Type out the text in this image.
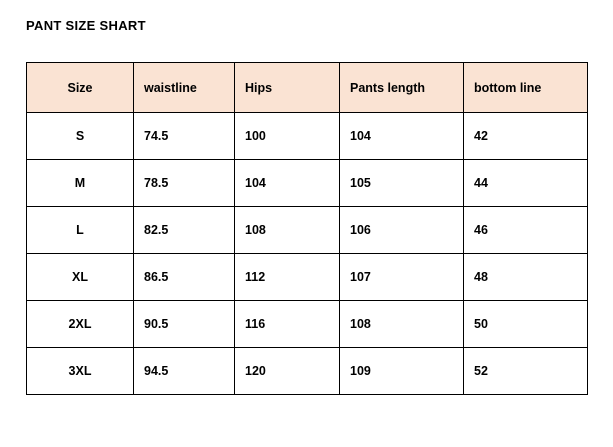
PANT SIZE SHART
Size	waistline	Hips	Pants length	bottom line
S	74.5	100	104	42
M	78.5	104	105	44
L	82.5	108	106	46
XL	86.5	112	107	48
2XL	90.5	116	108	50
3XL	94.5	120	109	52
